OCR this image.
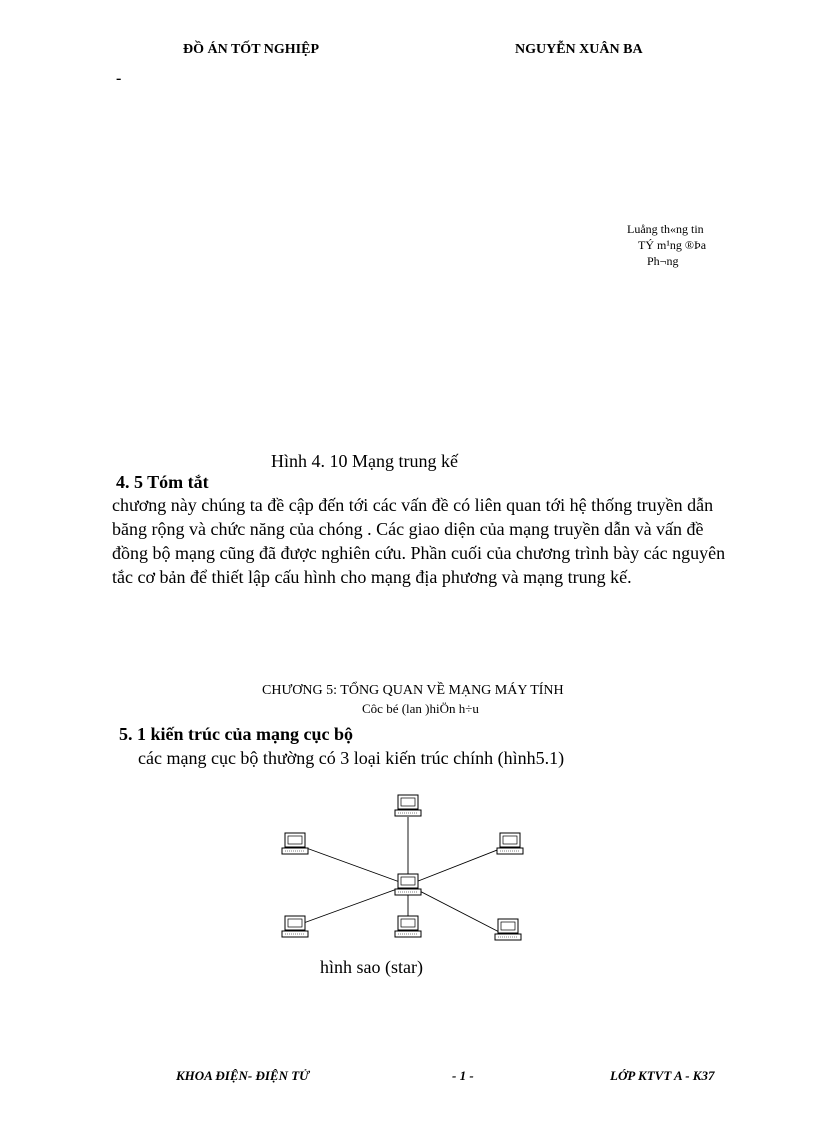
ĐỒ ÁN TỐT NGHIỆP	NGUYỄN XUÂN BA
-
Luång th«ng tin
TÝ m¹ng ®Þa
Ph¬ng
Hình 4. 10 Mạng trung kế
4. 5 Tóm tắt
chương này chúng ta đề cập đến tới các vấn đề có liên quan tới hệ thống truyền dẫn
băng rộng và chức năng của chóng . Các giao diện của mạng truyền dẫn và vấn đề
đồng bộ mạng cũng đã được nghiên cứu. Phần cuối của chương trình bày các nguyên
tắc cơ bản để thiết lập cấu hình cho mạng địa phương và mạng trung kế.
CHƯƠNG 5: TỔNG QUAN VỀ MẠNG MÁY TÍNH
Côc bé (lan )hiÖn h÷u
5. 1 kiến trúc của mạng cục bộ
các mạng cục bộ thường có 3 loại kiến trúc chính (hình5.1)
hình sao (star)
KHOA ĐIỆN- ĐIỆN TỬ	- 1 -	LỚP KTVT A - K37
